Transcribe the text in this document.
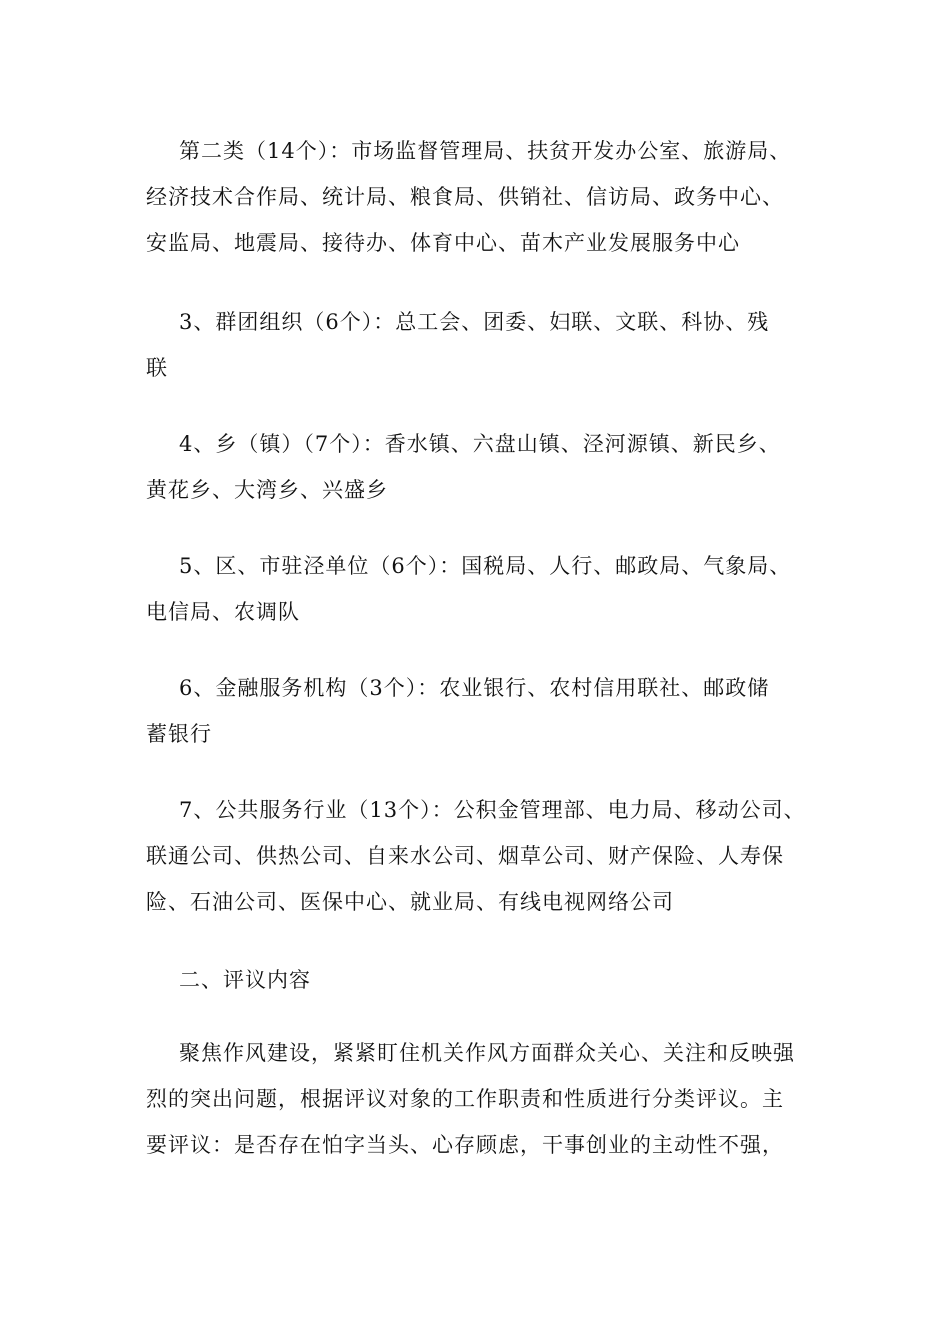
第二类（14个）：市场监督管理局、扶贫开发办公室、旅游局、
经济技术合作局、统计局、粮食局、供销社、信访局、政务中心、
安监局、地震局、接待办、体育中心、苗木产业发展服务中心
3、群团组织（6个）：总工会、团委、妇联、文联、科协、残
联
4、乡（镇）（7个）：香水镇、六盘山镇、泾河源镇、新民乡、
黄花乡、大湾乡、兴盛乡
5、区、市驻泾单位（6个）：国税局、人行、邮政局、气象局、
电信局、农调队
6、金融服务机构（3个）：农业银行、农村信用联社、邮政储
蓄银行
7、公共服务行业（13个）：公积金管理部、电力局、移动公司、
联通公司、供热公司、自来水公司、烟草公司、财产保险、人寿保
险、石油公司、医保中心、就业局、有线电视网络公司
二、评议内容
聚焦作风建设，紧紧盯住机关作风方面群众关心、关注和反映强
烈的突出问题，根据评议对象的工作职责和性质进行分类评议。主
要评议：是否存在怕字当头、心存顾虑，干事创业的主动性不强，
